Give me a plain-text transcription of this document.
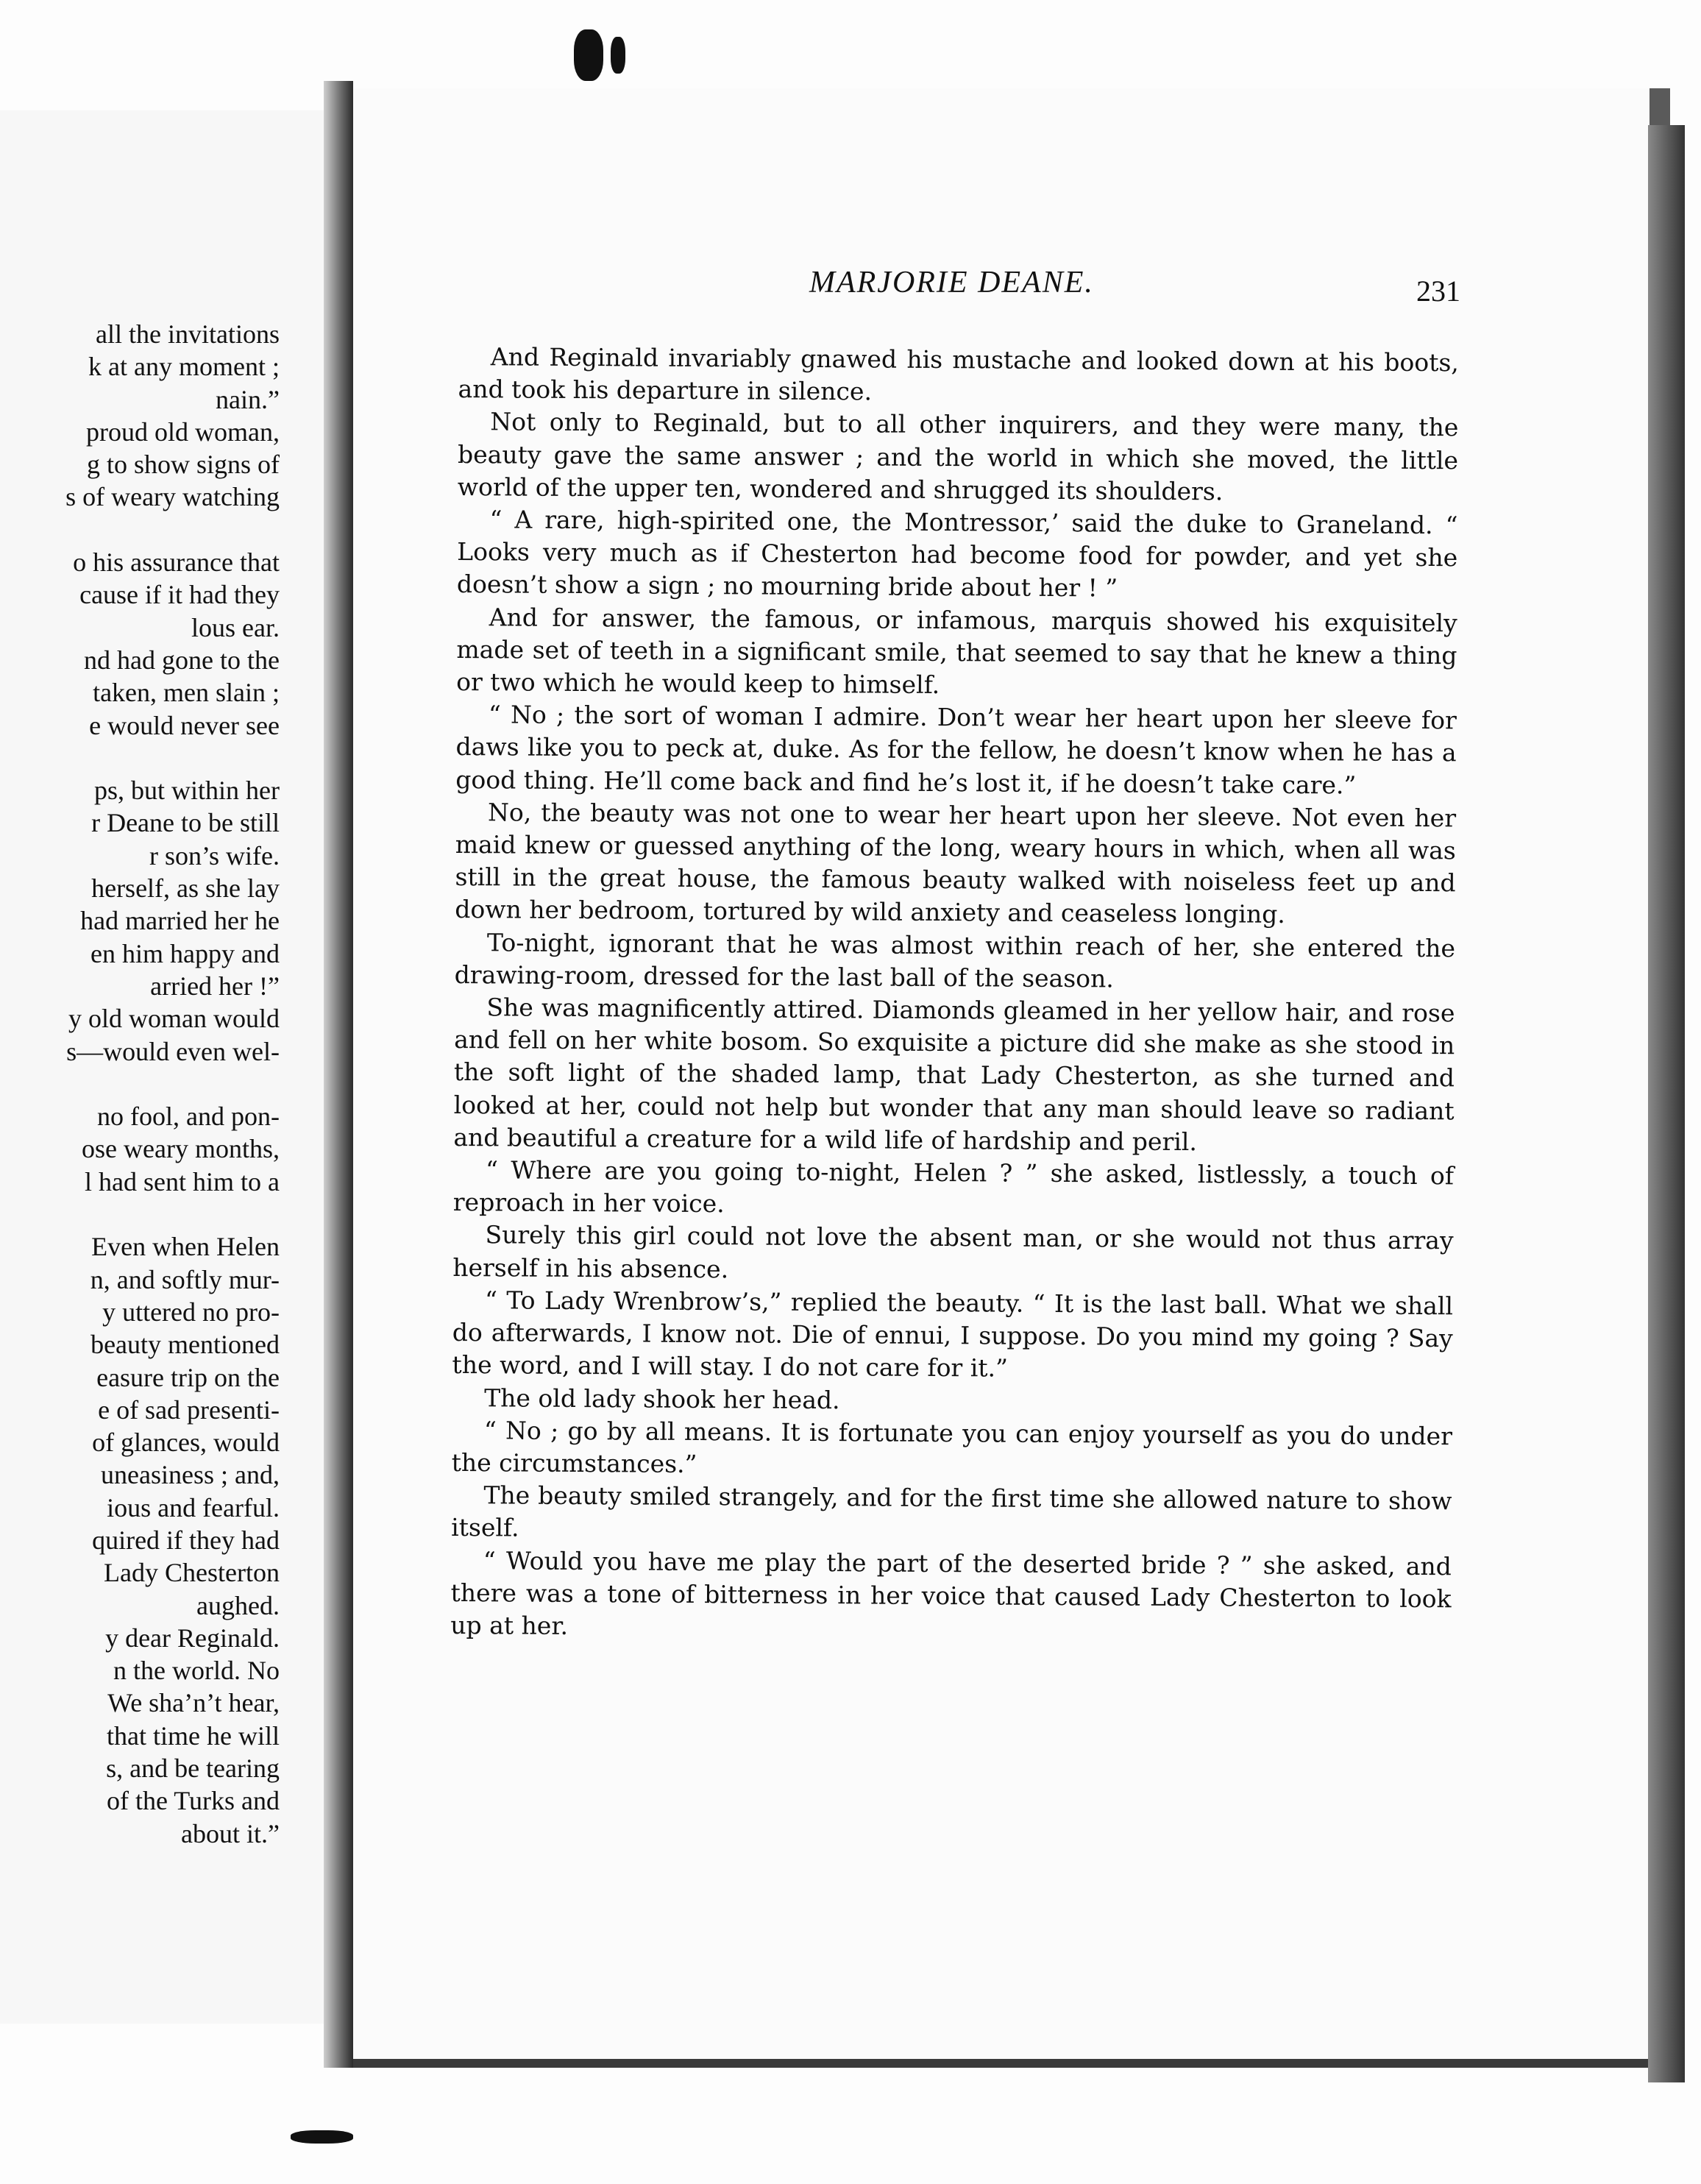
all the invitations
k at any moment ;
nain.”
proud old woman,
g to show signs of
s of weary watching
o his assurance that
cause if it had they
lous ear.
nd had gone to the
taken, men slain ;
e would never see
ps, but within her
r Deane to be still
r son’s wife.
herself, as she lay
had married her he
en him happy and
arried her !”
y old woman would
s—would even wel-
no fool, and pon-
ose weary months,
l had sent him to a
Even when Helen
n, and softly mur-
y uttered no pro-
beauty mentioned
easure trip on the
e of sad presenti-
of glances, would
uneasiness ; and,
ious and fearful.
quired if they had
Lady Chesterton
aughed.
y dear Reginald.
n the world. No
We sha’n’t hear,
that time he will
s, and be tearing
of the Turks and
about it.”
MARJORIE DEANE.	231

And Reginald invariably gnawed his mustache and looked down at his boots, and took his departure in silence.

Not only to Reginald, but to all other inquirers, and they were many, the beauty gave the same answer ; and the world in which she moved, the little world of the upper ten, wondered and shrugged its shoulders.

“ A rare, high-spirited one, the Montressor,’ said the duke to Graneland. “ Looks very much as if Chesterton had become food for powder, and yet she doesn’t show a sign ; no mourning bride about her ! ”

And for answer, the famous, or infamous, marquis showed his exquisitely made set of teeth in a significant smile, that seemed to say that he knew a thing or two which he would keep to himself.

“ No ; the sort of woman I admire. Don’t wear her heart upon her sleeve for daws like you to peck at, duke. As for the fellow, he doesn’t know when he has a good thing. He’ll come back and find he’s lost it, if he doesn’t take care.”

No, the beauty was not one to wear her heart upon her sleeve. Not even her maid knew or guessed anything of the long, weary hours in which, when all was still in the great house, the famous beauty walked with noiseless feet up and down her bedroom, tortured by wild anxiety and ceaseless longing.

To-night, ignorant that he was almost within reach of her, she entered the drawing-room, dressed for the last ball of the season.

She was magnificently attired. Diamonds gleamed in her yellow hair, and rose and fell on her white bosom. So exquisite a picture did she make as she stood in the soft light of the shaded lamp, that Lady Chesterton, as she turned and looked at her, could not help but wonder that any man should leave so radiant and beautiful a creature for a wild life of hardship and peril.

“ Where are you going to-night, Helen ? ” she asked, listlessly, a touch of reproach in her voice.

Surely this girl could not love the absent man, or she would not thus array herself in his absence.

“ To Lady Wrenbrow’s,” replied the beauty. “ It is the last ball. What we shall do afterwards, I know not. Die of ennui, I suppose. Do you mind my going ? Say the word, and I will stay. I do not care for it.”

The old lady shook her head.

“ No ; go by all means. It is fortunate you can enjoy yourself as you do under the circumstances.”

The beauty smiled strangely, and for the first time she allowed nature to show itself.

“ Would you have me play the part of the deserted bride ? ” she asked, and there was a tone of bitterness in her voice that caused Lady Chesterton to look up at her.
